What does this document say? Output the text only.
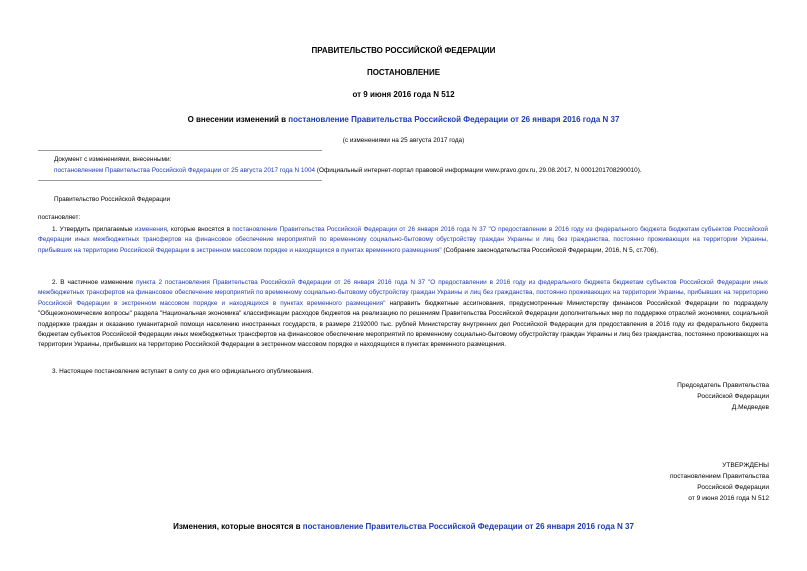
ПРАВИТЕЛЬСТВО РОССИЙСКОЙ ФЕДЕРАЦИИ
ПОСТАНОВЛЕНИЕ
от 9 июня 2016 года N 512
О внесении изменений в постановление Правительства Российской Федерации от 26 января 2016 года N 37
(с изменениями на 25 августа 2017 года)
Документ с изменениями, внесенными:
постановлением Правительства Российской Федерации от 25 августа 2017 года N 1004 (Официальный интернет-портал правовой информации www.pravo.gov.ru, 29.08.2017, N 0001201708290010).
Правительство Российской Федерации
постановляет:
1. Утвердить прилагаемые изменения, которые вносятся в постановление Правительства Российской Федерации от 26 января 2016 года N 37 "О предоставлении в 2016 году из федерального бюджета бюджетам субъектов Российской Федерации иных межбюджетных трансфертов на финансовое обеспечение мероприятий по временному социально-бытовому обустройству граждан Украины и лиц без гражданства, постоянно проживающих на территории Украины, прибывших на территорию Российской Федерации в экстренном массовом порядке и находящихся в пунктах временного размещения" (Собрание законодательства Российской Федерации, 2016, N 5, ст.706).
2. В частичное изменение пункта 2 постановления Правительства Российской Федерации от 26 января 2016 года N 37 "О предоставлении в 2016 году из федерального бюджета бюджетам субъектов Российской Федерации иных межбюджетных трансфертов на финансовое обеспечение мероприятий по временному социально-бытовому обустройству граждан Украины и лиц без гражданства, постоянно проживающих на территории Украины, прибывших на территорию Российской Федерации в экстренном массовом порядке и находящихся в пунктах временного размещения" направить бюджетные ассигнования, предусмотренные Министерству финансов Российской Федерации по подразделу "Общеэкономические вопросы" раздела "Национальная экономика" классификации расходов бюджетов на реализацию по решениям Правительства Российской Федерации дополнительных мер по поддержке отраслей экономики, социальной поддержке граждан и оказанию гуманитарной помощи населению иностранных государств, в размере 2192000 тыс. рублей Министерству внутренних дел Российской Федерации для предоставления в 2016 году из федерального бюджета бюджетам субъектов Российской Федерации иных межбюджетных трансфертов на финансовое обеспечение мероприятий по временному социально-бытовому обустройству граждан Украины и лиц без гражданства, постоянно проживающих на территории Украины, прибывших на территорию Российской Федерации в экстренном массовом порядке и находящихся в пунктах временного размещения.
3. Настоящее постановление вступает в силу со дня его официального опубликования.
Председатель Правительства
Российской Федерации
Д.Медведев
УТВЕРЖДЕНЫ
постановлением Правительства
Российской Федерации
от 9 июня 2016 года N 512
Изменения, которые вносятся в постановление Правительства Российской Федерации от 26 января 2016 года N 37
